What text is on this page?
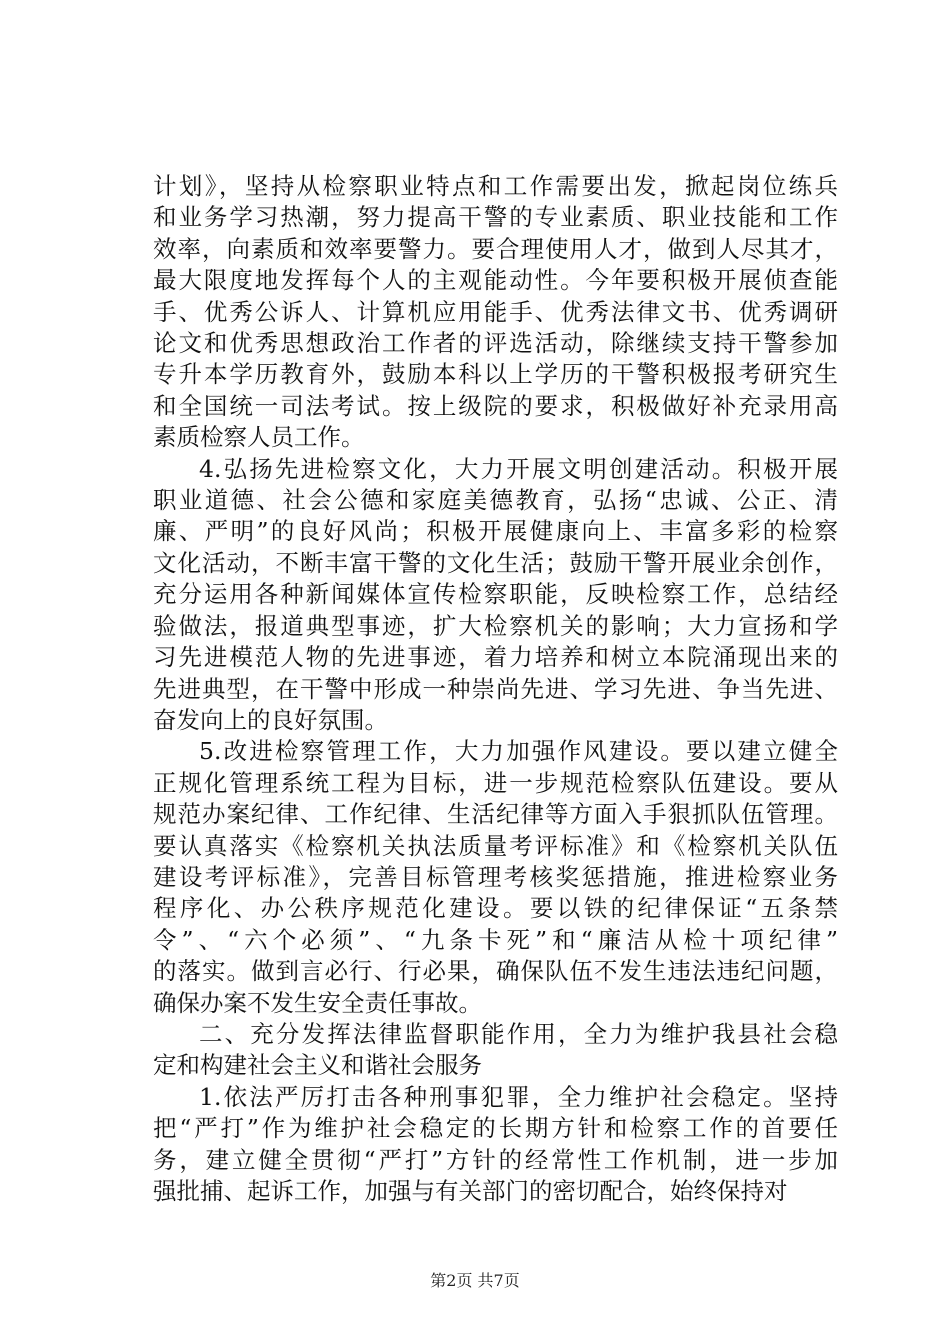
计划》，坚持从检察职业特点和工作需要出发，掀起岗位练兵
和业务学习热潮，努力提高干警的专业素质、职业技能和工作
效率，向素质和效率要警力。要合理使用人才，做到人尽其才，
最大限度地发挥每个人的主观能动性。今年要积极开展侦查能
手、优秀公诉人、计算机应用能手、优秀法律文书、优秀调研
论文和优秀思想政治工作者的评选活动，除继续支持干警参加
专升本学历教育外，鼓励本科以上学历的干警积极报考研究生
和全国统一司法考试。按上级院的要求，积极做好补充录用高
素质检察人员工作。
4.弘扬先进检察文化，大力开展文明创建活动。积极开展
职业道德、社会公德和家庭美德教育，弘扬“忠诚、公正、清
廉、严明”的良好风尚；积极开展健康向上、丰富多彩的检察
文化活动，不断丰富干警的文化生活；鼓励干警开展业余创作，
充分运用各种新闻媒体宣传检察职能，反映检察工作，总结经
验做法，报道典型事迹，扩大检察机关的影响；大力宣扬和学
习先进模范人物的先进事迹，着力培养和树立本院涌现出来的
先进典型，在干警中形成一种崇尚先进、学习先进、争当先进、
奋发向上的良好氛围。
5.改进检察管理工作，大力加强作风建设。要以建立健全
正规化管理系统工程为目标，进一步规范检察队伍建设。要从
规范办案纪律、工作纪律、生活纪律等方面入手狠抓队伍管理。
要认真落实《检察机关执法质量考评标准》和《检察机关队伍
建设考评标准》，完善目标管理考核奖惩措施，推进检察业务
程序化、办公秩序规范化建设。要以铁的纪律保证“五条禁
令”、“六个必须”、“九条卡死”和“廉洁从检十项纪律”
的落实。做到言必行、行必果，确保队伍不发生违法违纪问题，
确保办案不发生安全责任事故。
二、充分发挥法律监督职能作用，全力为维护我县社会稳
定和构建社会主义和谐社会服务
1.依法严厉打击各种刑事犯罪，全力维护社会稳定。坚持
把“严打”作为维护社会稳定的长期方针和检察工作的首要任
务，建立健全贯彻“严打”方针的经常性工作机制，进一步加
强批捕、起诉工作，加强与有关部门的密切配合，始终保持对
第2页 共7页
